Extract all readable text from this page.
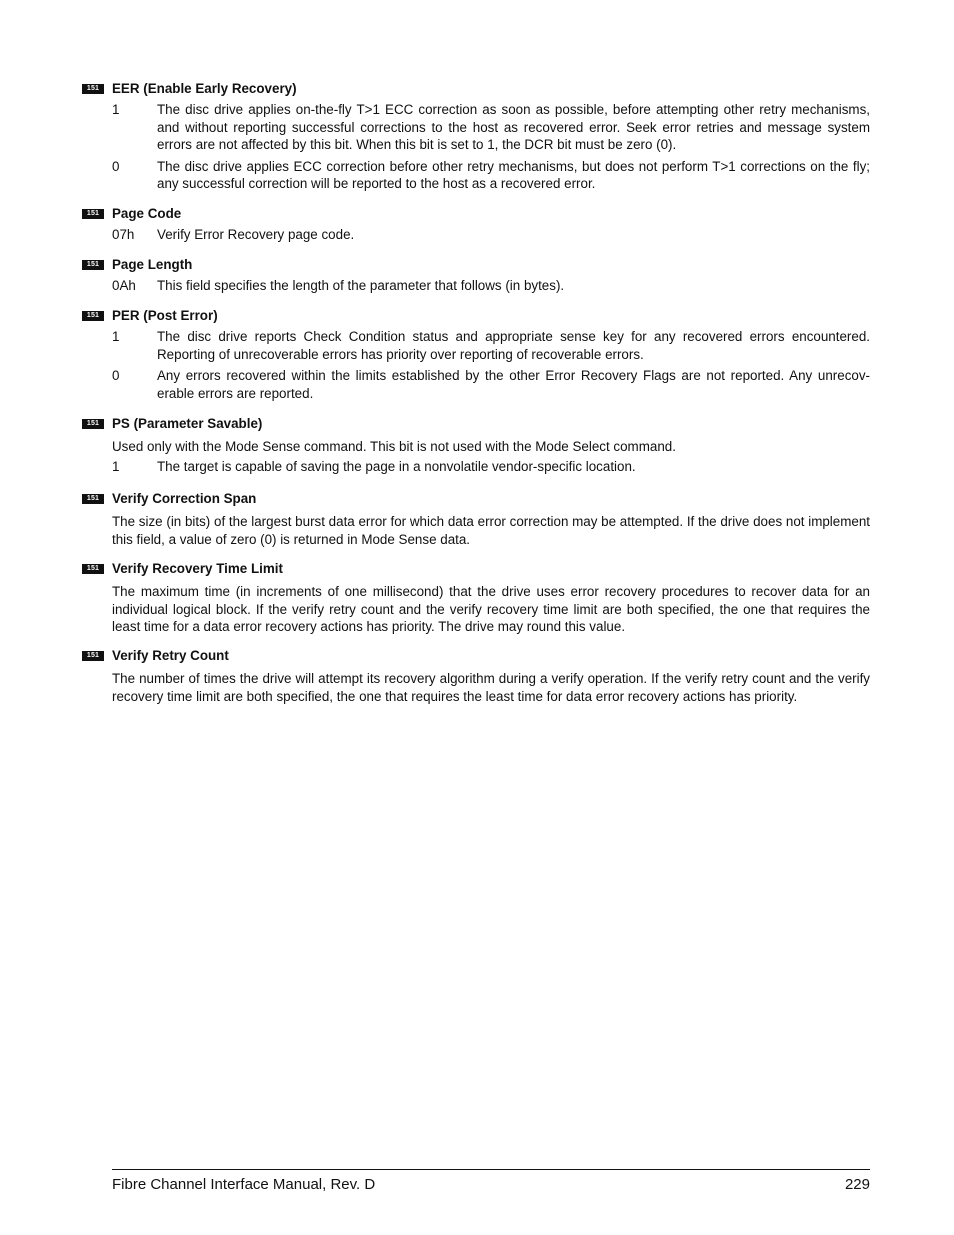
151 EER (Enable Early Recovery)
1	The disc drive applies on-the-fly T>1 ECC correction as soon as possible, before attempting other retry mechanisms, and without reporting successful corrections to the host as recovered error. Seek error retries and message system errors are not affected by this bit. When this bit is set to 1, the DCR bit must be zero (0).
0	The disc drive applies ECC correction before other retry mechanisms, but does not perform T>1 corrections on the fly; any successful correction will be reported to the host as a recovered error.
151 Page Code
07h	Verify Error Recovery page code.
151 Page Length
0Ah	This field specifies the length of the parameter that follows (in bytes).
151 PER (Post Error)
1	The disc drive reports Check Condition status and appropriate sense key for any recovered errors encountered. Reporting of unrecoverable errors has priority over reporting of recoverable errors.
0	Any errors recovered within the limits established by the other Error Recovery Flags are not reported. Any unrecoverable errors are reported.
151 PS (Parameter Savable)

Used only with the Mode Sense command. This bit is not used with the Mode Select command.

1	The target is capable of saving the page in a nonvolatile vendor-specific location.
151 Verify Correction Span

The size (in bits) of the largest burst data error for which data error correction may be attempted. If the drive does not implement this field, a value of zero (0) is returned in Mode Sense data.

151 Verify Recovery Time Limit

The maximum time (in increments of one millisecond) that the drive uses error recovery procedures to recover data for an individual logical block. If the verify retry count and the verify recovery time limit are both specified, the one that requires the least time for a data error recovery actions has priority. The drive may round this value.

151 Verify Retry Count

The number of times the drive will attempt its recovery algorithm during a verify operation. If the verify retry count and the verify recovery time limit are both specified, the one that requires the least time for data error recovery actions has priority.

Fibre Channel Interface Manual, Rev. D	229
